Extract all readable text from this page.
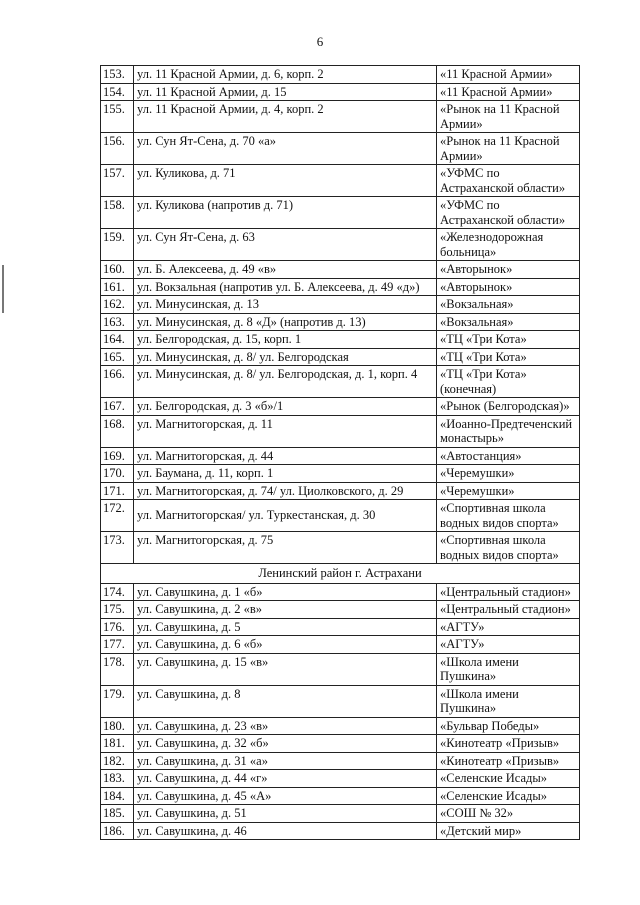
6
153.	ул. 11 Красной Армии, д. 6, корп. 2	«11 Красной Армии»
154.	ул. 11 Красной Армии, д. 15	«11 Красной Армии»
155.	ул. 11 Красной Армии, д. 4, корп. 2	«Рынок на 11 Красной Армии»
156.	ул. Сун Ят-Сена, д. 70 «а»	«Рынок на 11 Красной Армии»
157.	ул. Куликова, д. 71	«УФМС по Астраханской области»
158.	ул. Куликова (напротив д. 71)	«УФМС по Астраханской области»
159.	ул. Сун Ят-Сена, д. 63	«Железнодорожная больница»
160.	ул. Б. Алексеева, д. 49 «в»	«Авторынок»
161.	ул. Вокзальная (напротив ул. Б. Алексеева, д. 49 «д»)	«Авторынок»
162.	ул. Минусинская, д. 13	«Вокзальная»
163.	ул. Минусинская, д. 8 «Д» (напротив д. 13)	«Вокзальная»
164.	ул. Белгородская, д. 15, корп. 1	«ТЦ «Три Кота»
165.	ул. Минусинская, д. 8/ ул. Белгородская	«ТЦ «Три Кота»
166.	ул. Минусинская, д. 8/ ул. Белгородская, д. 1, корп. 4	«ТЦ «Три Кота» (конечная)
167.	ул. Белгородская, д. 3 «б»/1	«Рынок (Белгородская)»
168.	ул. Магнитогорская, д. 11	«Иоанно-Предтеченский монастырь»
169.	ул. Магнитогорская, д. 44	«Автостанция»
170.	ул. Баумана, д. 11, корп. 1	«Черемушки»
171.	ул. Магнитогорская, д. 74/ ул. Циолковского, д. 29	«Черемушки»
172.	ул. Магнитогорская/ ул. Туркестанская, д. 30	«Спортивная школа водных видов спорта»
173.	ул. Магнитогорская, д. 75	«Спортивная школа водных видов спорта»
Ленинский район г. Астрахани		
174.	ул. Савушкина, д. 1 «б»	«Центральный стадион»
175.	ул. Савушкина, д. 2 «в»	«Центральный стадион»
176.	ул. Савушкина, д. 5	«АГТУ»
177.	ул. Савушкина, д. 6 «б»	«АГТУ»
178.	ул. Савушкина, д. 15 «в»	«Школа имени Пушкина»
179.	ул. Савушкина, д. 8	«Школа имени Пушкина»
180.	ул. Савушкина, д. 23 «в»	«Бульвар Победы»
181.	ул. Савушкина, д. 32 «б»	«Кинотеатр «Призыв»
182.	ул. Савушкина, д. 31 «а»	«Кинотеатр «Призыв»
183.	ул. Савушкина, д. 44 «г»	«Селенские Исады»
184.	ул. Савушкина, д. 45 «А»	«Селенские Исады»
185.	ул. Савушкина, д. 51	«СОШ № 32»
186.	ул. Савушкина, д. 46	«Детский мир»
